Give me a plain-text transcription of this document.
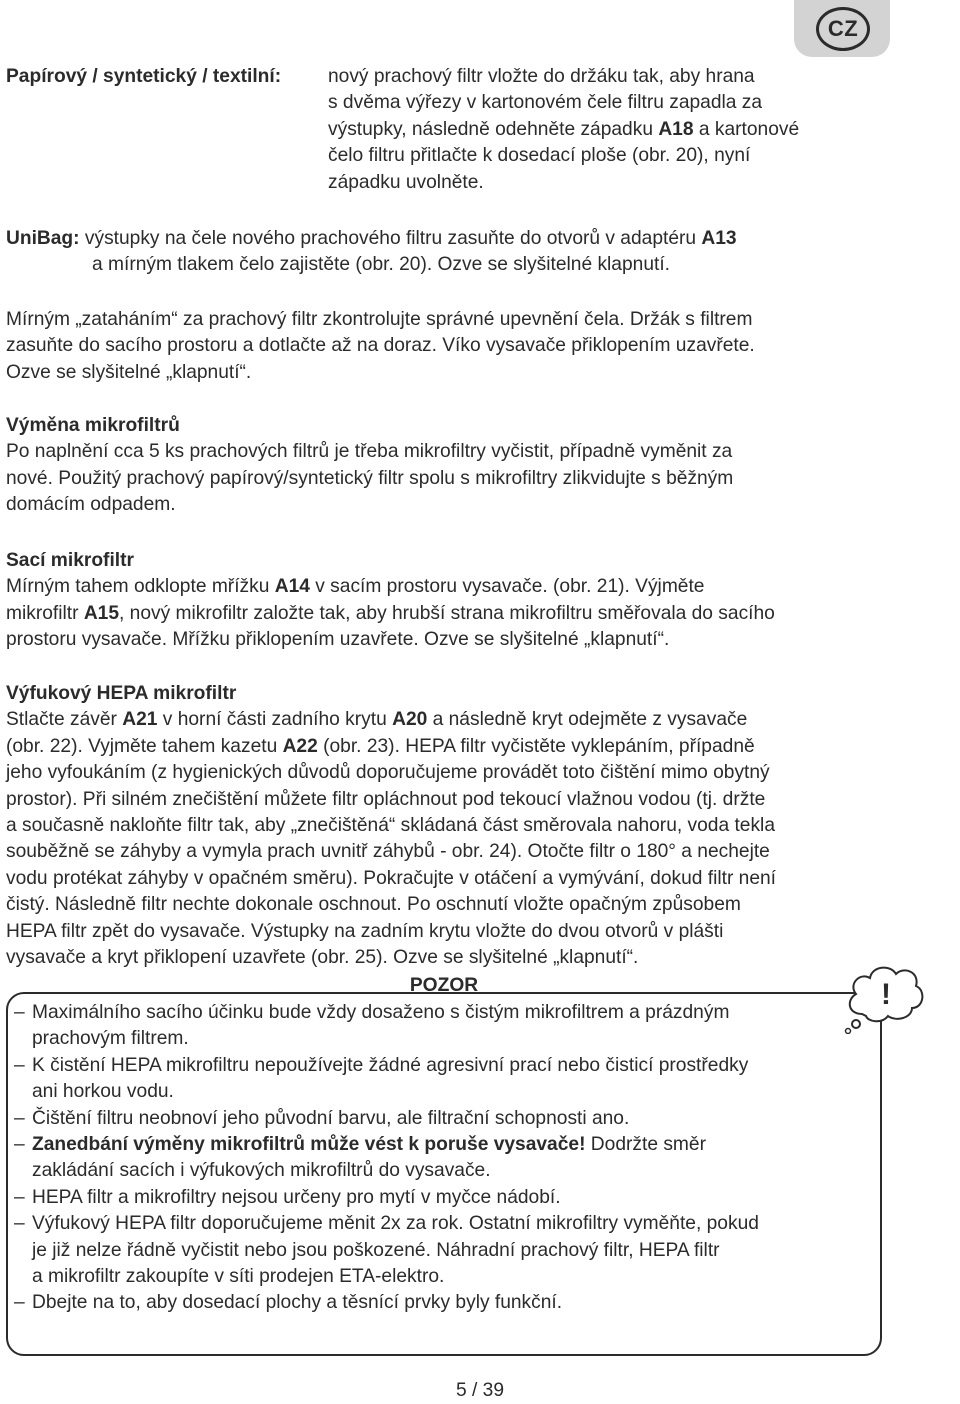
CZ
Papírový / syntetický / textilní: nový prachový filtr vložte do držáku tak, aby hrana
s dvěma výřezy v kartonovém čele filtru zapadla za
výstupky, následně odehněte západku A18 a kartonové
čelo filtru přitlačte k dosedací ploše (obr. 20), nyní
západku uvolněte.
UniBag: výstupky na čele nového prachového filtru zasuňte do otvorů v adaptéru A13
a mírným tlakem čelo zajistěte (obr. 20). Ozve se slyšitelné klapnutí.
Mírným „zataháním“ za prachový filtr zkontrolujte správné upevnění čela. Držák s filtrem
zasuňte do sacího prostoru a dotlačte až na doraz. Víko vysavače přiklopením uzavřete.
Ozve se slyšitelné „klapnutí“.
Výměna mikrofiltrů
Po naplnění cca 5 ks prachových filtrů je třeba mikrofiltry vyčistit, případně vyměnit za
nové. Použitý prachový papírový/syntetický filtr spolu s mikrofiltry zlikvidujte s běžným
domácím odpadem.
Sací mikrofiltr
Mírným tahem odklopte mřížku A14 v sacím prostoru vysavače. (obr. 21). Výjměte
mikrofiltr A15, nový mikrofiltr založte tak, aby hrubší strana mikrofiltru směřovala do sacího
prostoru vysavače. Mřížku přiklopením uzavřete. Ozve se slyšitelné „klapnutí“.
Výfukový HEPA mikrofiltr
Stlačte závěr A21 v horní části zadního krytu A20 a následně kryt odejměte z vysavače
(obr. 22). Vyjměte tahem kazetu A22 (obr. 23). HEPA filtr vyčistěte vyklepáním, případně
jeho vyfoukáním (z hygienických důvodů doporučujeme provádět toto čištění mimo obytný
prostor). Při silném znečištění můžete filtr opláchnout pod tekoucí vlažnou vodou (tj. držte
a současně nakloňte filtr tak, aby „znečištěná“ skládaná část směrovala nahoru, voda tekla
souběžně se záhyby a vymyla prach uvnitř záhybů - obr. 24). Otočte filtr o 180° a nechejte
vodu protékat záhyby v opačném směru). Pokračujte v otáčení a vymývání, dokud filtr není
čistý. Následně filtr nechte dokonale oschnout. Po oschnutí vložte opačným způsobem
HEPA filtr zpět do vysavače. Výstupky na zadním krytu vložte do dvou otvorů v plášti
vysavače a kryt přiklopení uzavřete (obr. 25). Ozve se slyšitelné „klapnutí“.
!
POZOR
– Maximálního sacího účinku bude vždy dosaženo s čistým mikrofiltrem a prázdným
prachovým filtrem.
– K čistění HEPA mikrofiltru nepoužívejte žádné agresivní prací nebo čisticí prostředky
ani horkou vodu.
– Čištění filtru neobnoví jeho původní barvu, ale filtrační schopnosti ano.
– Zanedbání výměny mikrofiltrů může vést k poruše vysavače! Dodržte směr
zakládání sacích i výfukových mikrofiltrů do vysavače.
– HEPA filtr a mikrofiltry nejsou určeny pro mytí v myčce nádobí.
– Výfukový HEPA filtr doporučujeme měnit 2x za rok. Ostatní mikrofiltry vyměňte, pokud
je již nelze řádně vyčistit nebo jsou poškozené. Náhradní prachový filtr, HEPA filtr
a mikrofiltr zakoupíte v síti prodejen ETA-elektro.
– Dbejte na to, aby dosedací plochy a těsnící prvky byly funkční.
5 / 39
